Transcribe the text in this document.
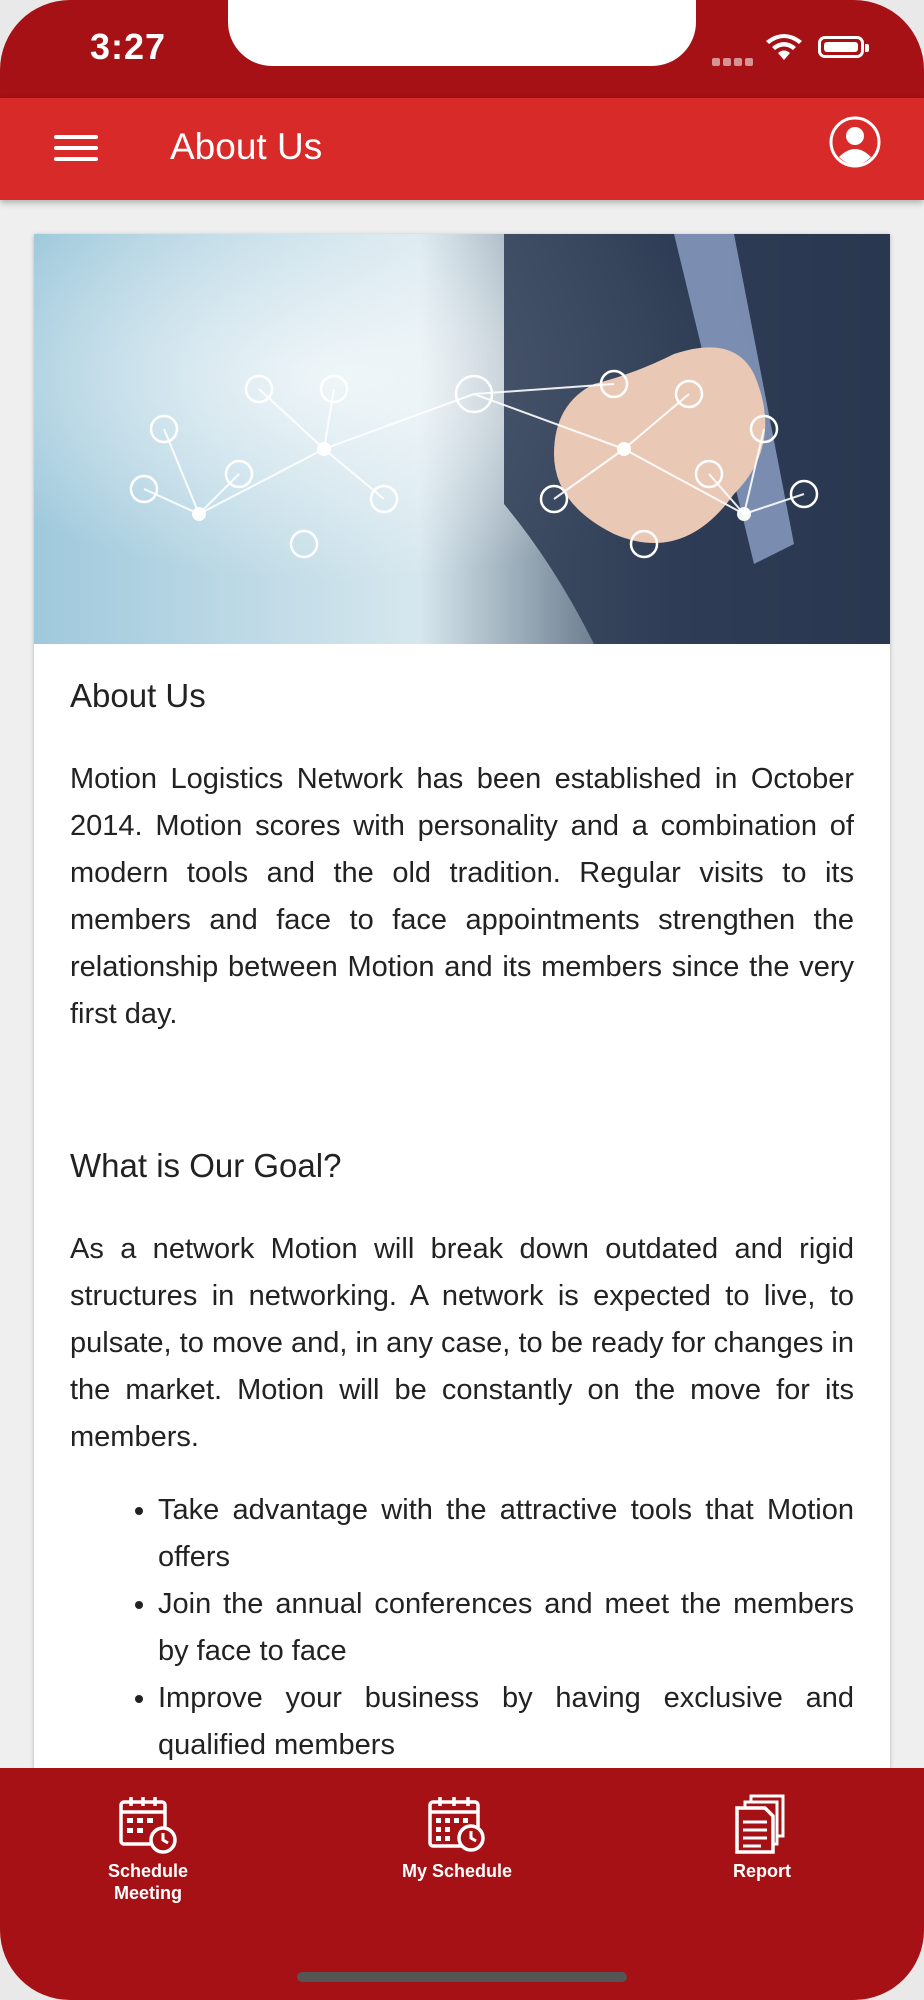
3:27
About Us
About Us

Motion Logistics Network has been established in October 2014. Motion scores with personality and a combination of modern tools and the old tradition. Regular visits to its members and face to face appointments strengthen the relationship between Motion and its members since the very first day.

What is Our Goal?

As a network Motion will break down outdated and rigid structures in networking. A network is expected to live, to pulsate, to move and, in any case, to be ready for changes in the market. Motion will be constantly on the move for its members.

• Take advantage with the attractive tools that Motion offers
• Join the annual conferences and meet the members by face to face
• Improve your business by having exclusive and qualified members
Schedule
Meeting
My Schedule	Report
